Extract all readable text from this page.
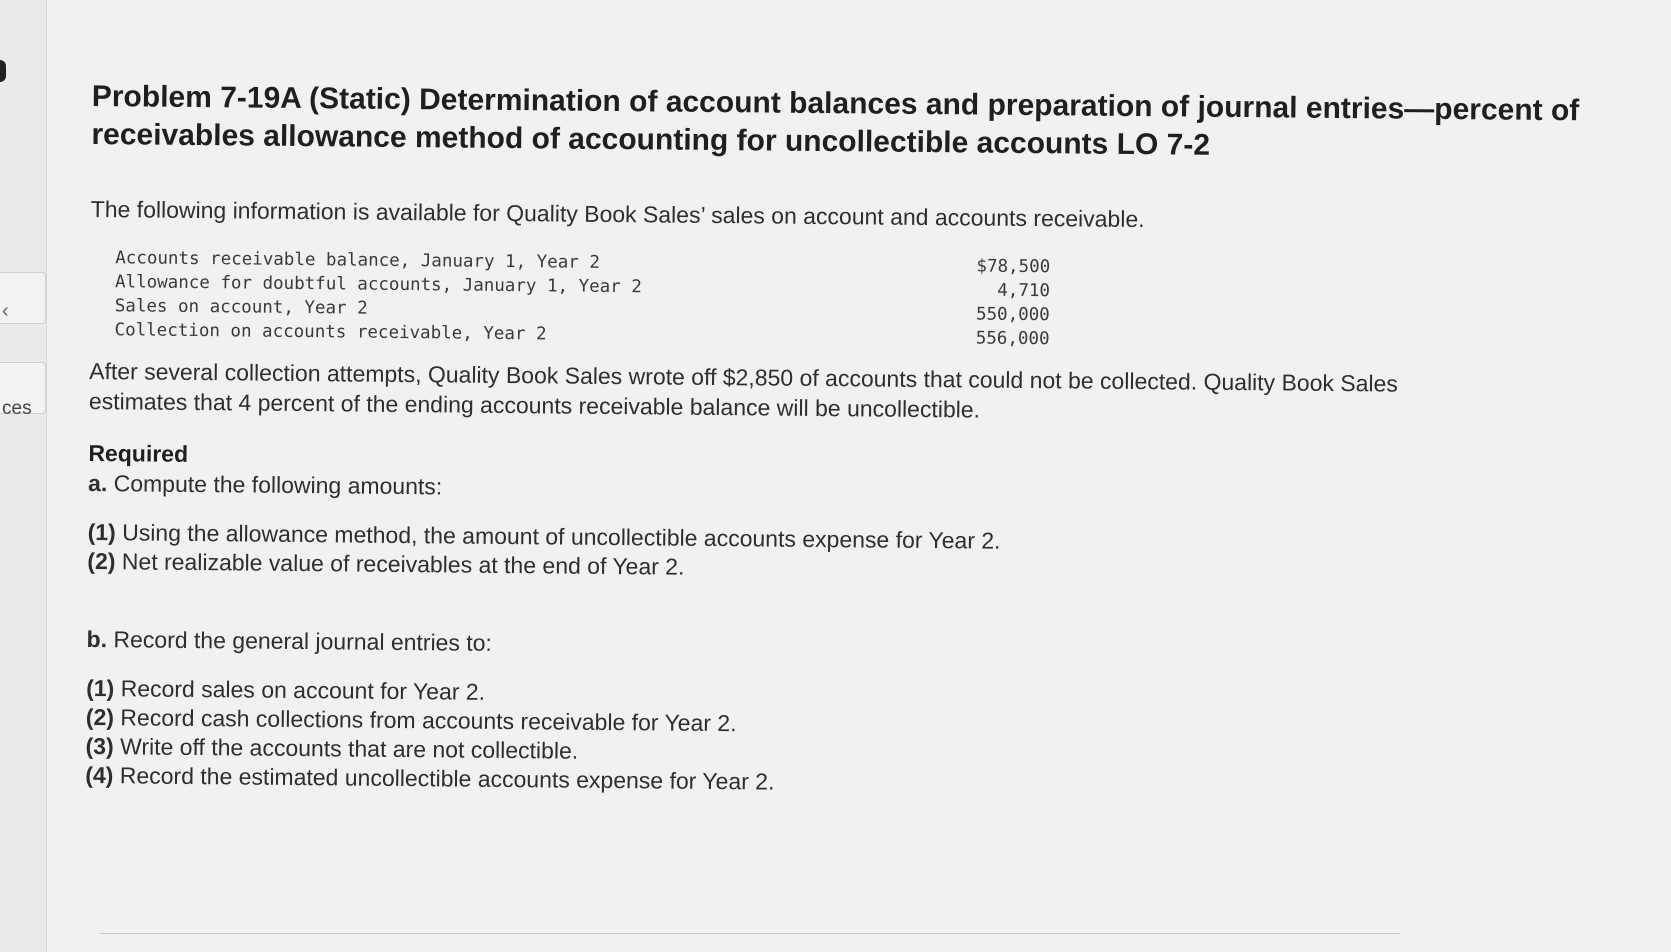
‹
ces
Problem 7-19A (Static) Determination of account balances and preparation of journal entries—percent of receivables allowance method of accounting for uncollectible accounts LO 7-2

The following information is available for Quality Book Sales’ sales on account and accounts receivable.

Accounts receivable balance, January 1, Year 2	$78,500
Allowance for doubtful accounts, January 1, Year 2	4,710
Sales on account, Year 2	550,000
Collection on accounts receivable, Year 2	556,000

After several collection attempts, Quality Book Sales wrote off $2,850 of accounts that could not be collected. Quality Book Sales estimates that 4 percent of the ending accounts receivable balance will be uncollectible.

Required
a. Compute the following amounts:
(1) Using the allowance method, the amount of uncollectible accounts expense for Year 2.
(2) Net realizable value of receivables at the end of Year 2.
b. Record the general journal entries to:
(1) Record sales on account for Year 2.
(2) Record cash collections from accounts receivable for Year 2.
(3) Write off the accounts that are not collectible.
(4) Record the estimated uncollectible accounts expense for Year 2.
